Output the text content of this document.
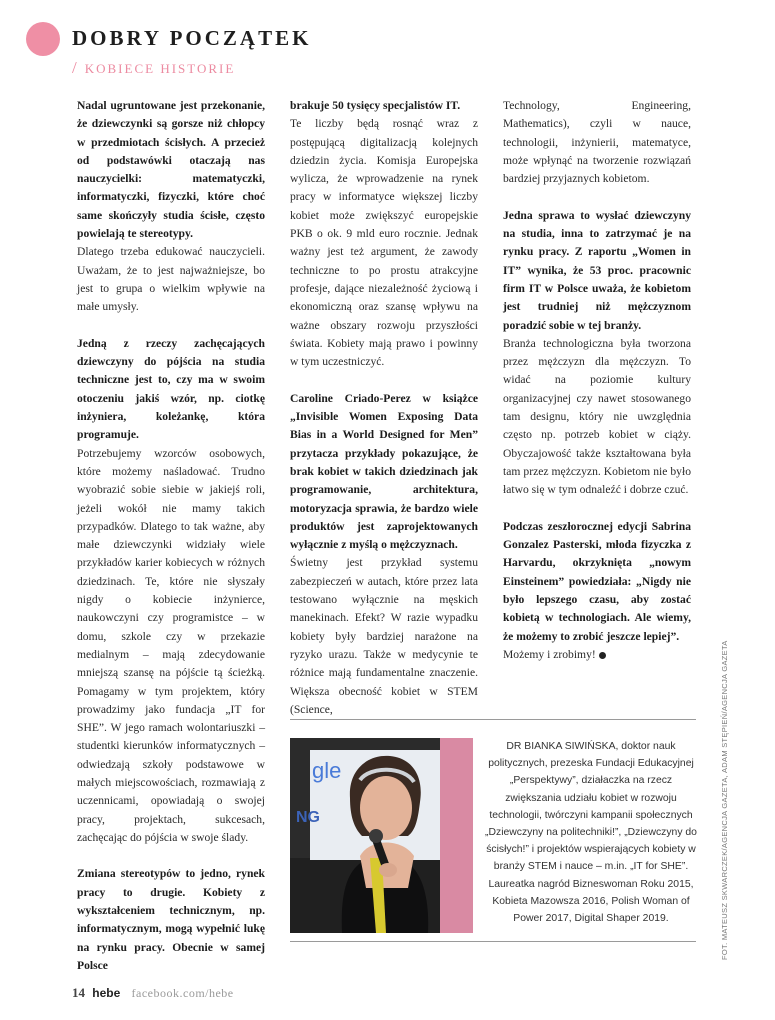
DOBRY POCZĄTEK
/ KOBIECE HISTORIE

Nadal ugruntowane jest przekonanie, że dziewczynki są gorsze niż chłopcy w przedmiotach ścisłych. A przecież od podstawówki otaczają nas nauczycielki: matematyczki, informatyczki, fizyczki, które choć same skończyły studia ścisłe, często powielają te stereotypy.

Dlatego trzeba edukować nauczycieli. Uważam, że to jest najważniejsze, bo jest to grupa o wielkim wpływie na małe umysły.

Jedną z rzeczy zachęcających dziewczyny do pójścia na studia techniczne jest to, czy ma w swoim otoczeniu jakiś wzór, np. ciotkę inżyniera, koleżankę, która programuje.

Potrzebujemy wzorców osobowych, które możemy naśladować. Trudno wyobrazić sobie siebie w jakiejś roli, jeżeli wokół nie mamy takich przypadków. Dlatego to tak ważne, aby małe dziewczynki widziały wiele przykładów karier kobiecych w różnych dziedzinach. Te, które nie słyszały nigdy o kobiecie inżyniercе, naukowczyni czy programistce – w domu, szkole czy w przekazie medialnym – mają zdecydowanie mniejszą szansę na pójście tą ścieżką. Pomagamy w tym projektem, który prowadzimy jako fundacja „IT for SHE”. W jego ramach wolontariuszki – studentki kierunków informatycznych – odwiedzają szkoły podstawowe w małych miejscowościach, rozmawiają z uczennicami, opowiadają o swojej pracy, projektach, sukcesach, zachęcając do pójścia w swoje ślady.

Zmiana stereotypów to jedno, rynek pracy to drugie. Kobiety z wykształceniem technicznym, np. informatycznym, mogą wypełnić lukę na rynku pracy. Obecnie w samej Polsce

brakuje 50 tysięcy specjalistów IT.

Te liczby będą rosnąć wraz z postępującą digitalizacją kolejnych dziedzin życia. Komisja Europejska wylicza, że wprowadzenie na rynek pracy w informatyce większej liczby kobiet może zwiększyć europejskie PKB o ok. 9 mld euro rocznie. Jednak ważny jest też argument, że zawody techniczne to po prostu atrakcyjne profesje, dające niezależność życiową i ekonomiczną oraz szansę wpływu na ważne obszary rozwoju przyszłości świata. Kobiety mają prawo i powinny w tym uczestniczyć.

Caroline Criado-Perez w książce „Invisible Women Exposing Data Bias in a World Designed for Men” przytacza przykłady pokazujące, że brak kobiet w takich dziedzinach jak programowanie, architektura, motoryzacja sprawia, że bardzo wiele produktów jest zaprojektowanych wyłącznie z myślą o mężczyznach.

Świetny jest przykład systemu zabezpieczeń w autach, które przez lata testowano wyłącznie na męskich manekinach. Efekt? W razie wypadku kobiety były bardziej narażone na ryzyko urazu. Także w medycynie te różnice mają fundamentalne znaczenie. Większa obecność kobiet w STEM (Science,

Technology, Engineering, Mathematics), czyli w nauce, technologii, inżynierii, matematyce, może wpłynąć na tworzenie rozwiązań bardziej przyjaznych kobietom.

Jedna sprawa to wysłać dziewczyny na studia, inna to zatrzymać je na rynku pracy. Z raportu „Women in IT” wynika, że 53 proc. pracownic firm IT w Polsce uważa, że kobietom jest trudniej niż mężczyznom poradzić sobie w tej branży.

Branża technologiczna była tworzona przez mężczyzn dla mężczyzn. To widać na poziomie kultury organizacyjnej czy nawet stosowanego tam designu, który nie uwzględnia często np. potrzeb kobiet w ciąży. Obyczajowość także kształtowana była tam przez mężczyzn. Kobietom nie było łatwo się w tym odnaleźć i dobrze czuć.

Podczas zeszłorocznej edycji Sabrina Gonzalez Pasterski, młoda fizyczka z Harvardu, okrzyknięta „nowym Einsteinem” powiedziała: „Nigdy nie było lepszego czasu, aby zostać kobietą w technologiach. Ale wiemy, że możemy to zrobić jeszcze lepiej”.

Możemy i zrobimy!

gle
NG
DR BIANKA SIWIŃSKA, doktor nauk politycznych, prezeska Fundacji Edukacyjnej „Perspektywy”, działaczka na rzecz zwiększania udziału kobiet w rozwoju technologii, twórczyni kampanii społecznych „Dziewczyny na politechniki!”, „Dziewczyny do ścisłych!” i projektów wspierających kobiety w branży STEM i nauce – m.in. „IT for SHE”. Laureatka nagród Bizneswoman Roku 2015, Kobieta Mazowsza 2016, Polish Woman of Power 2017, Digital Shaper 2019.	FOT. MATEUSZ SKWARCZEK/AGENCJA GAZETA, ADAM STĘPIEŃ/AGENCJA GAZETA
14 hebe facebook.com/hebe
